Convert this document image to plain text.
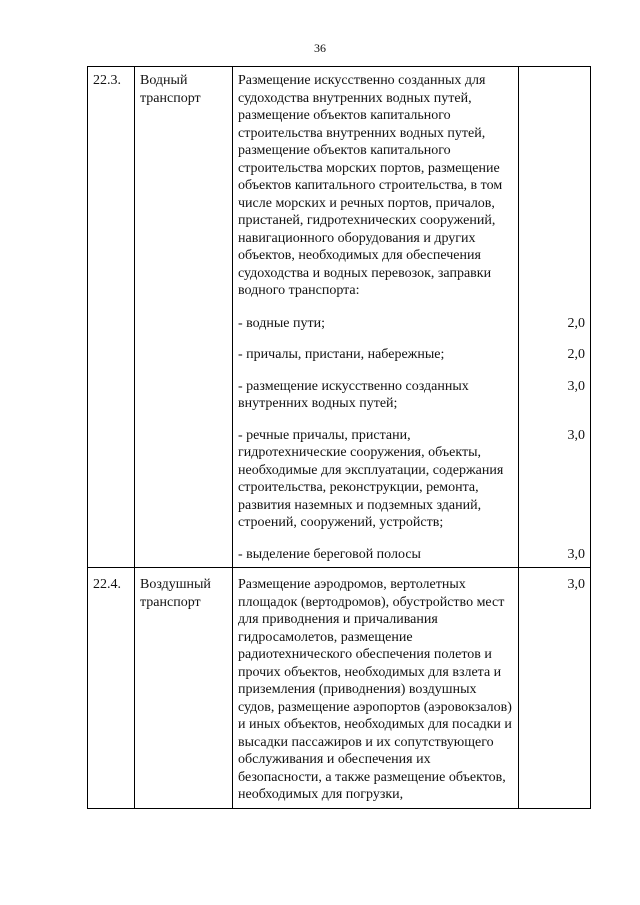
36
22.3.	Водный транспорт	Размещение искусственно созданных для судоходства внутренних водных путей, размещение объектов капитального строительства внутренних водных путей, размещение объектов капитального строительства морских портов, размещение объектов капитального строительства, в том числе морских и речных портов, причалов, пристаней, гидротехнических сооружений, навигационного оборудования и других объектов, необходимых для обеспечения судоходства и водных перевозок, заправки водного транспорта:	
		- водные пути;	2,0
		- причалы, пристани, набережные;	2,0
		- размещение искусственно созданных внутренних водных путей;	3,0
		- речные причалы, пристани, гидротехнические сооружения, объекты, необходимые для эксплуатации, содержания строительства, реконструкции, ремонта, развития наземных и подземных зданий, строений, сооружений, устройств;	3,0
		- выделение береговой полосы	3,0
22.4.	Воздушный транспорт	Размещение аэродромов, вертолетных площадок (вертодромов), обустройство мест для приводнения и причаливания гидросамолетов, размещение радиотехнического обеспечения полетов и прочих объектов, необходимых для взлета и приземления (приводнения) воздушных судов, размещение аэропортов (аэровокзалов) и иных объектов, необходимых для посадки и высадки пассажиров и их сопутствующего обслуживания и обеспечения их безопасности, а также размещение объектов, необходимых для погрузки,	3,0
